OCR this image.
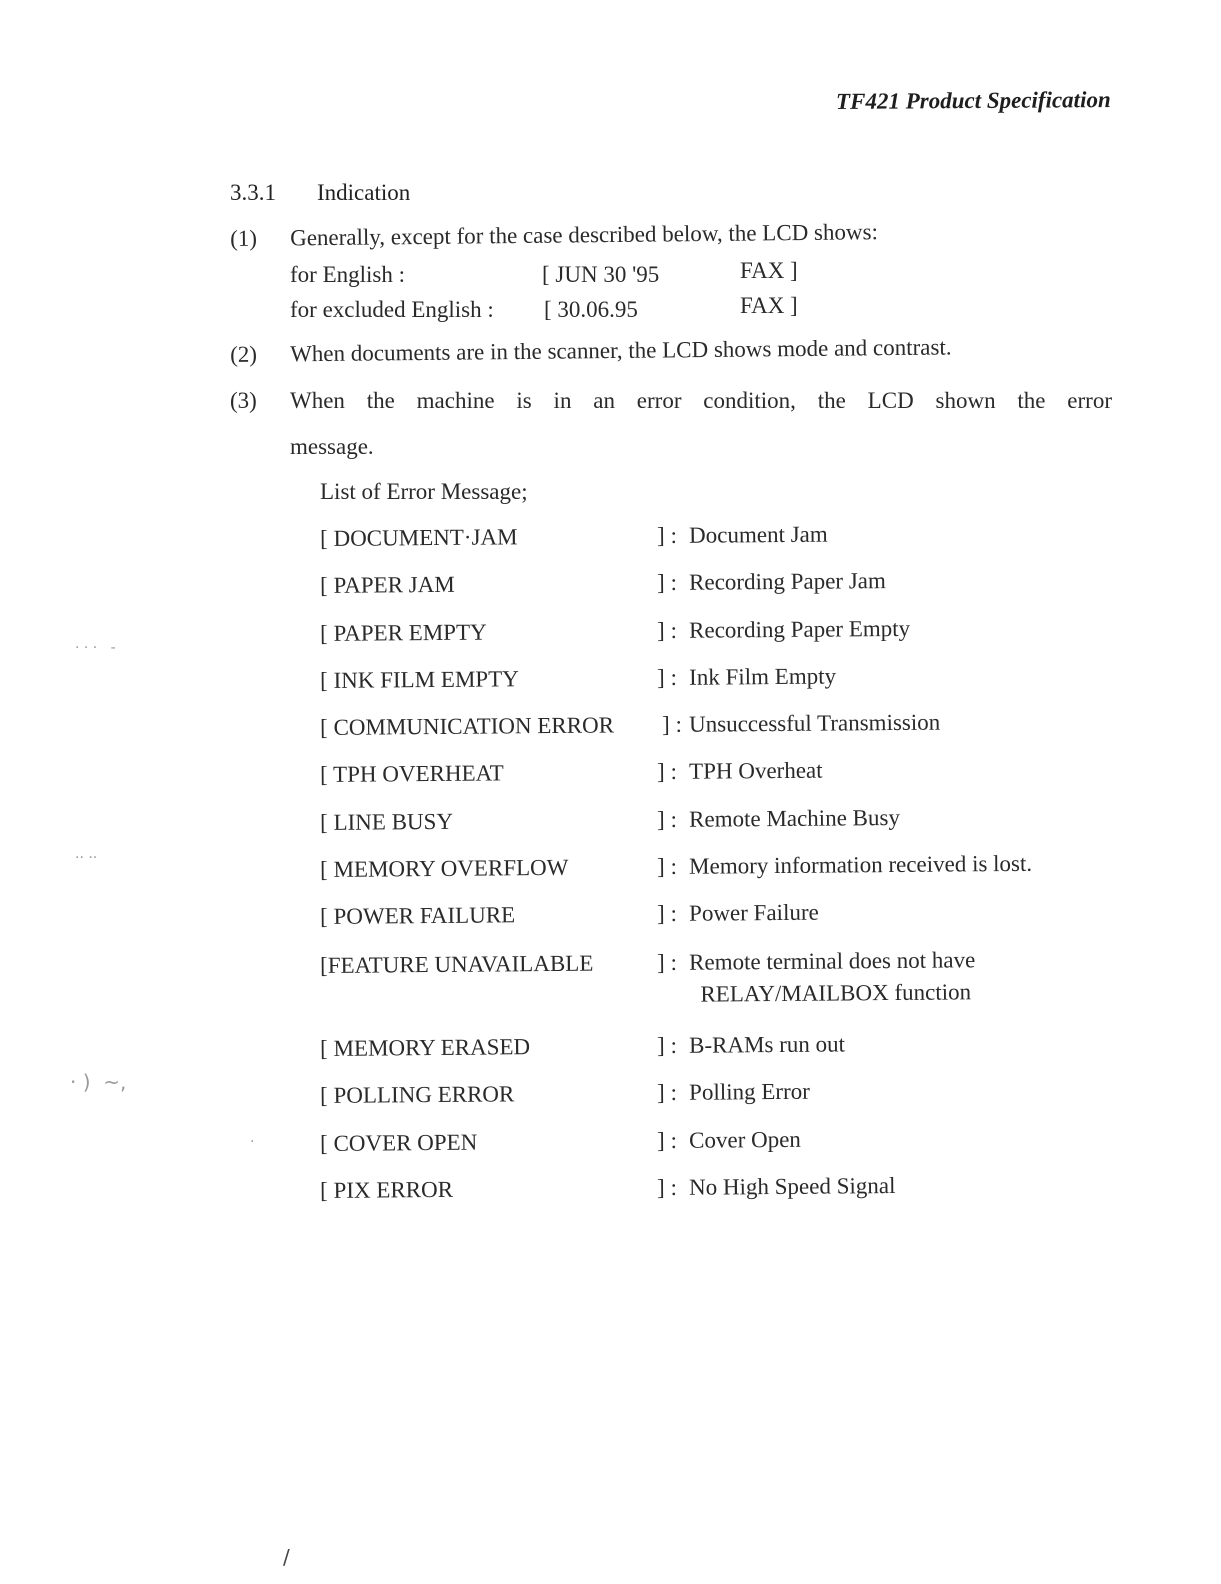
TF421 Product Specification
3.3.1 Indication
(1) Generally, except for the case described below, the LCD shows:
for English :	[ JUN 30 '95	FAX ]
for excluded English : [ 30.06.95	FAX ]
(2) When documents are in the scanner, the LCD shows mode and contrast.
(3) When the machine is in an error condition, the LCD shown the error
message.
List of Error Message;
[ DOCUMENT·JAM	] : Document Jam
[ PAPER JAM	] : Recording Paper Jam
[ PAPER EMPTY	] : Recording Paper Empty
[ INK FILM EMPTY	] : Ink Film Empty
[ COMMUNICATION ERROR ] : Unsuccessful Transmission
[ TPH OVERHEAT	] : TPH Overheat
[ LINE BUSY	] : Remote Machine Busy
[ MEMORY OVERFLOW	] : Memory information received is lost.
[ POWER FAILURE	] : Power Failure
[FEATURE UNAVAILABLE	] : Remote terminal does not have
RELAY/MAILBOX function
[ MEMORY ERASED	] : B-RAMs run out
[ POLLING ERROR	] : Polling Error
[ COVER OPEN	] : Cover Open
[ PIX ERROR	] : No High Speed Signal
· · ·   -
·· ··
· )  ~,
·
/
